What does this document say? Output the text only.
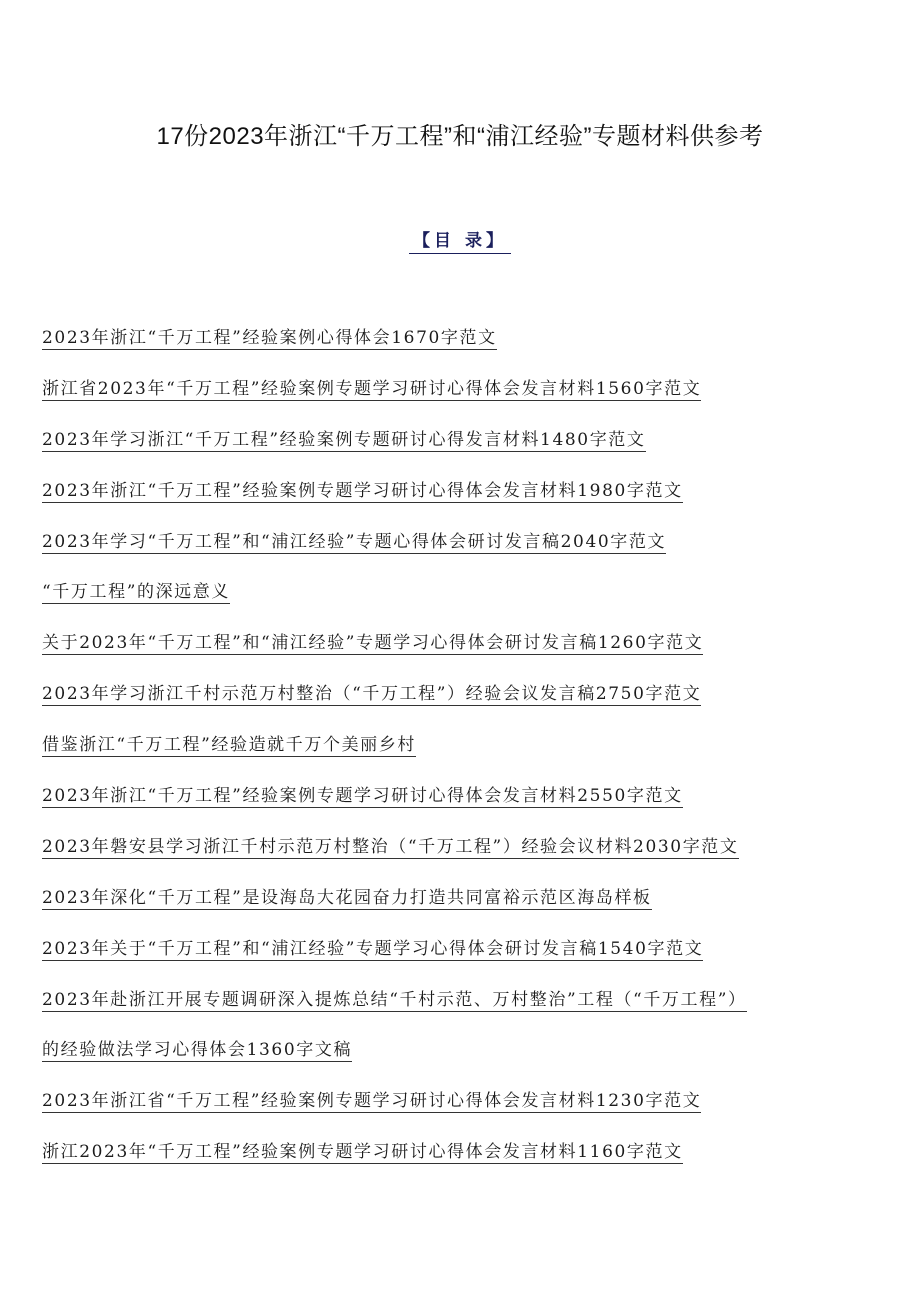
17份2023年浙江“千万工程”和“浦江经验”专题材料供参考
【目 录】
2023年浙江“千万工程”经验案例心得体会1670字范文
浙江省2023年“千万工程”经验案例专题学习研讨心得体会发言材料1560字范文
2023年学习浙江“千万工程”经验案例专题研讨心得发言材料1480字范文
2023年浙江“千万工程”经验案例专题学习研讨心得体会发言材料1980字范文
2023年学习“千万工程”和“浦江经验”专题心得体会研讨发言稿2040字范文
“千万工程”的深远意义
关于2023年“千万工程”和“浦江经验”专题学习心得体会研讨发言稿1260字范文
2023年学习浙江千村示范万村整治（“千万工程”）经验会议发言稿2750字范文
借鉴浙江“千万工程”经验造就千万个美丽乡村
2023年浙江“千万工程”经验案例专题学习研讨心得体会发言材料2550字范文
2023年磐安县学习浙江千村示范万村整治（“千万工程”）经验会议材料2030字范文
2023年深化“千万工程”是设海岛大花园奋力打造共同富裕示范区海岛样板
2023年关于“千万工程”和“浦江经验”专题学习心得体会研讨发言稿1540字范文
2023年赴浙江开展专题调研深入提炼总结“千村示范、万村整治”工程（“千万工程”）
的经验做法学习心得体会1360字文稿
2023年浙江省“千万工程”经验案例专题学习研讨心得体会发言材料1230字范文
浙江2023年“千万工程”经验案例专题学习研讨心得体会发言材料1160字范文
